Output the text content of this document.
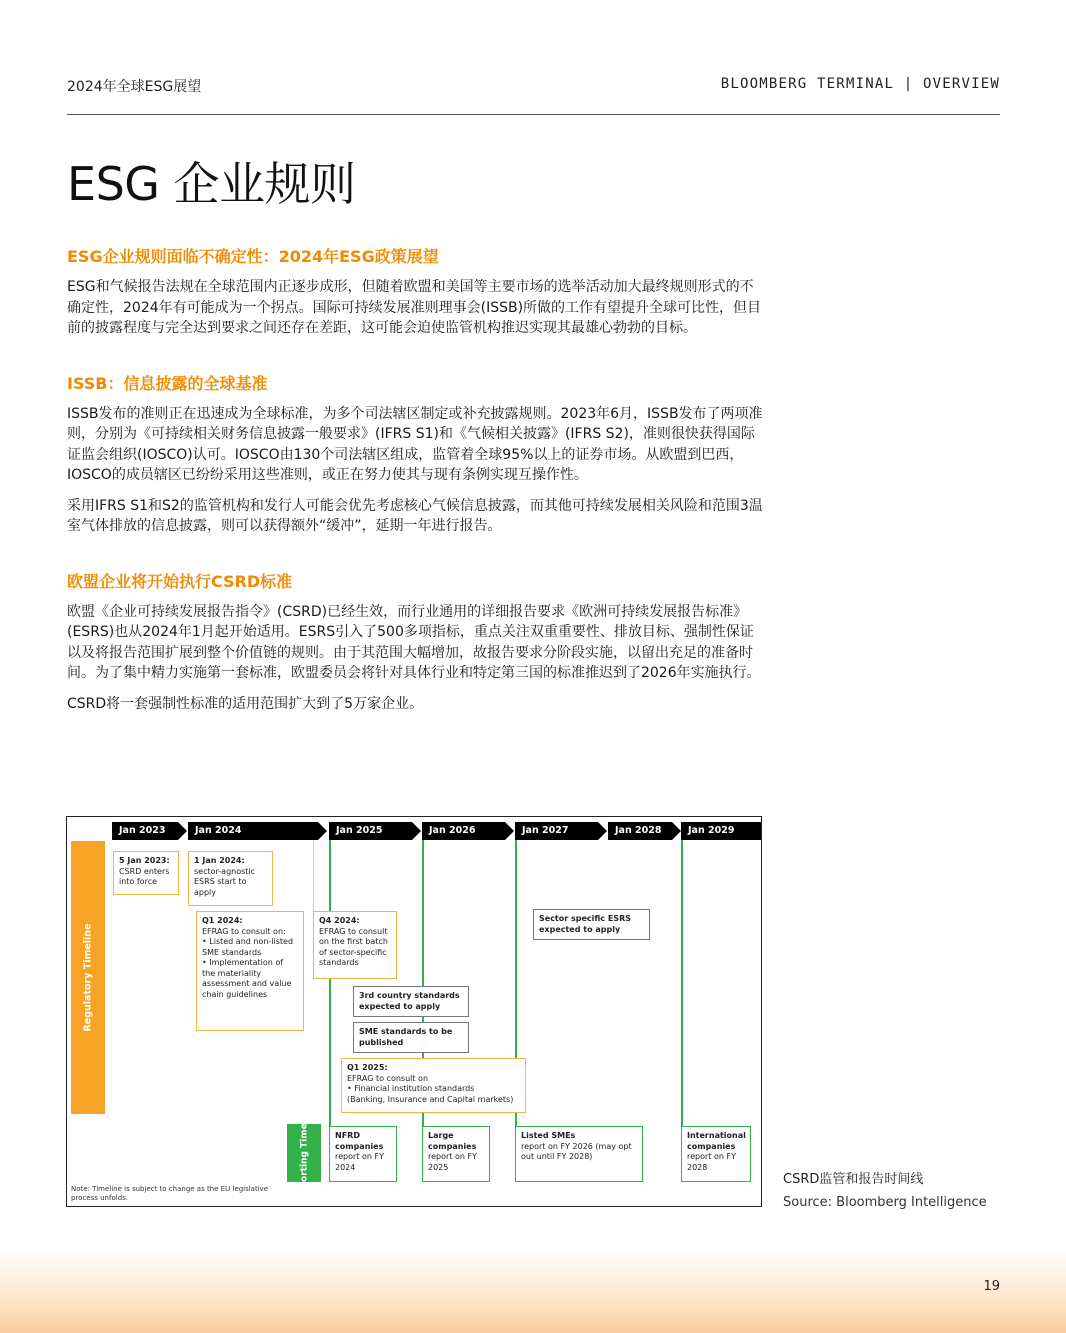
2024年全球ESG展望	BLOOMBERG TERMINAL | OVERVIEW
ESG 企业规则
ESG企业规则面临不确定性：2024年ESG政策展望

ESG和气候报告法规在全球范围内正逐步成形，但随着欧盟和美国等主要市场的选举活动加大最终规则形式的不确定性，2024年有可能成为一个拐点。国际可持续发展准则理事会(ISSB)所做的工作有望提升全球可比性，但目前的披露程度与完全达到要求之间还存在差距，这可能会迫使监管机构推迟实现其最雄心勃勃的目标。

ISSB：信息披露的全球基准

ISSB发布的准则正在迅速成为全球标准，为多个司法辖区制定或补充披露规则。2023年6月，ISSB发布了两项准则，分别为《可持续相关财务信息披露一般要求》(IFRS S1)和《气候相关披露》(IFRS S2)，准则很快获得国际证监会组织(IOSCO)认可。IOSCO由130个司法辖区组成，监管着全球95%以上的证券市场。从欧盟到巴西，IOSCO的成员辖区已纷纷采用这些准则，或正在努力使其与现有条例实现互操作性。

采用IFRS S1和S2的监管机构和发行人可能会优先考虑核心气候信息披露，而其他可持续发展相关风险和范围3温室气体排放的信息披露，则可以获得额外“缓冲”，延期一年进行报告。

欧盟企业将开始执行CSRD标准

欧盟《企业可持续发展报告指令》(CSRD)已经生效，而行业通用的详细报告要求《欧洲可持续发展报告标准》(ESRS)也从2024年1月起开始适用。ESRS引入了500多项指标，重点关注双重重要性、排放目标、强制性保证以及将报告范围扩展到整个价值链的规则。由于其范围大幅增加，故报告要求分阶段实施，以留出充足的准备时间。为了集中精力实施第一套标准，欧盟委员会将针对具体行业和特定第三国的标准推迟到了2026年实施执行。

CSRD将一套强制性标准的适用范围扩大到了5万家企业。

Jan 2023	Jan 2024	Jan 2025	Jan 2026	Jan 2027	Jan 2028	Jan 2029
Regulatory Timeline
5 Jan 2023:
CSRD enters
into force
1 Jan 2024:
sector-agnostic
ESRS start to
apply
Q1 2024:
EFRAG to consult on:
• Listed and non-listed SME standards
• Implementation of the materiality assessment and value chain guidelines
Q4 2024:
EFRAG to consult on the first batch of sector-specific standards
3rd country standards expected to apply
SME standards to be published
Q1 2025:
EFRAG to consult on
• Financial institution standards
(Banking, Insurance and Capital markets)
Sector specific ESRS expected to apply
Reporting Timeline	NFRD companies
report on FY 2024
Large companies
report on FY 2025
Listed SMEs
report on FY 2026 (may opt out until FY 2028)
International companies
report on FY 2028
Note: Timeline is subject to change as the EU legislative process unfolds.
CSRD监管和报告时间线
Source: Bloomberg Intelligence
19
